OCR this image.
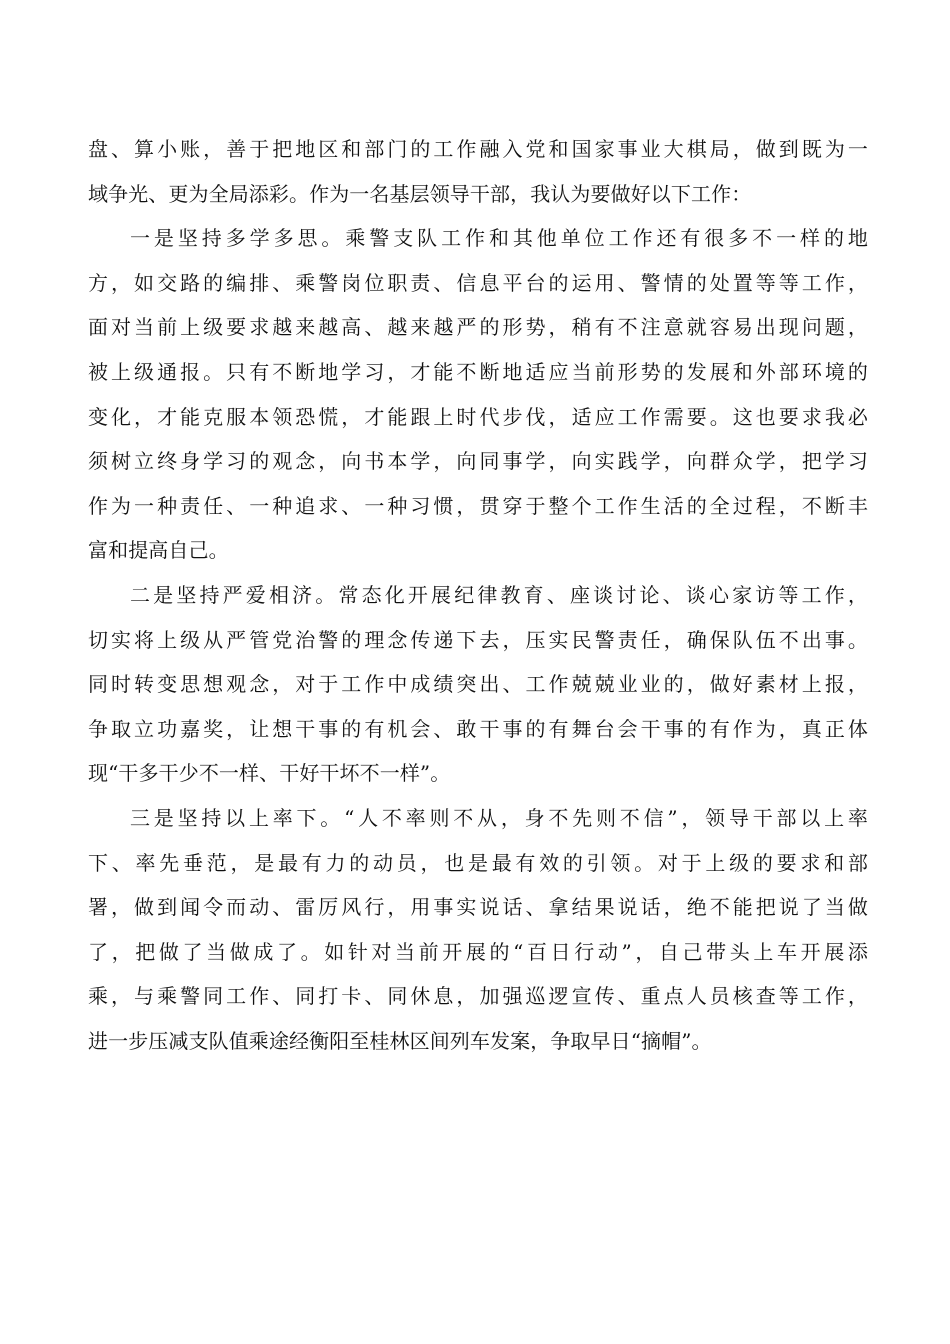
盘、算小账，善于把地区和部门的工作融入党和国家事业大棋局，做到既为一
域争光、更为全局添彩。作为一名基层领导干部，我认为要做好以下工作：
一是坚持多学多思。乘警支队工作和其他单位工作还有很多不一样的地
方，如交路的编排、乘警岗位职责、信息平台的运用、警情的处置等等工作，
面对当前上级要求越来越高、越来越严的形势，稍有不注意就容易出现问题，
被上级通报。只有不断地学习，才能不断地适应当前形势的发展和外部环境的
变化，才能克服本领恐慌，才能跟上时代步伐，适应工作需要。这也要求我必
须树立终身学习的观念，向书本学，向同事学，向实践学，向群众学，把学习
作为一种责任、一种追求、一种习惯，贯穿于整个工作生活的全过程，不断丰
富和提高自己。
二是坚持严爱相济。常态化开展纪律教育、座谈讨论、谈心家访等工作，
切实将上级从严管党治警的理念传递下去，压实民警责任，确保队伍不出事。
同时转变思想观念，对于工作中成绩突出、工作兢兢业业的，做好素材上报，
争取立功嘉奖，让想干事的有机会、敢干事的有舞台会干事的有作为，真正体
现“干多干少不一样、干好干坏不一样”。
三是坚持以上率下。“人不率则不从，身不先则不信”，领导干部以上率
下、率先垂范，是最有力的动员，也是最有效的引领。对于上级的要求和部
署，做到闻令而动、雷厉风行，用事实说话、拿结果说话，绝不能把说了当做
了，把做了当做成了。如针对当前开展的“百日行动”，自己带头上车开展添
乘，与乘警同工作、同打卡、同休息，加强巡逻宣传、重点人员核查等工作，
进一步压减支队值乘途经衡阳至桂林区间列车发案，争取早日“摘帽”。
